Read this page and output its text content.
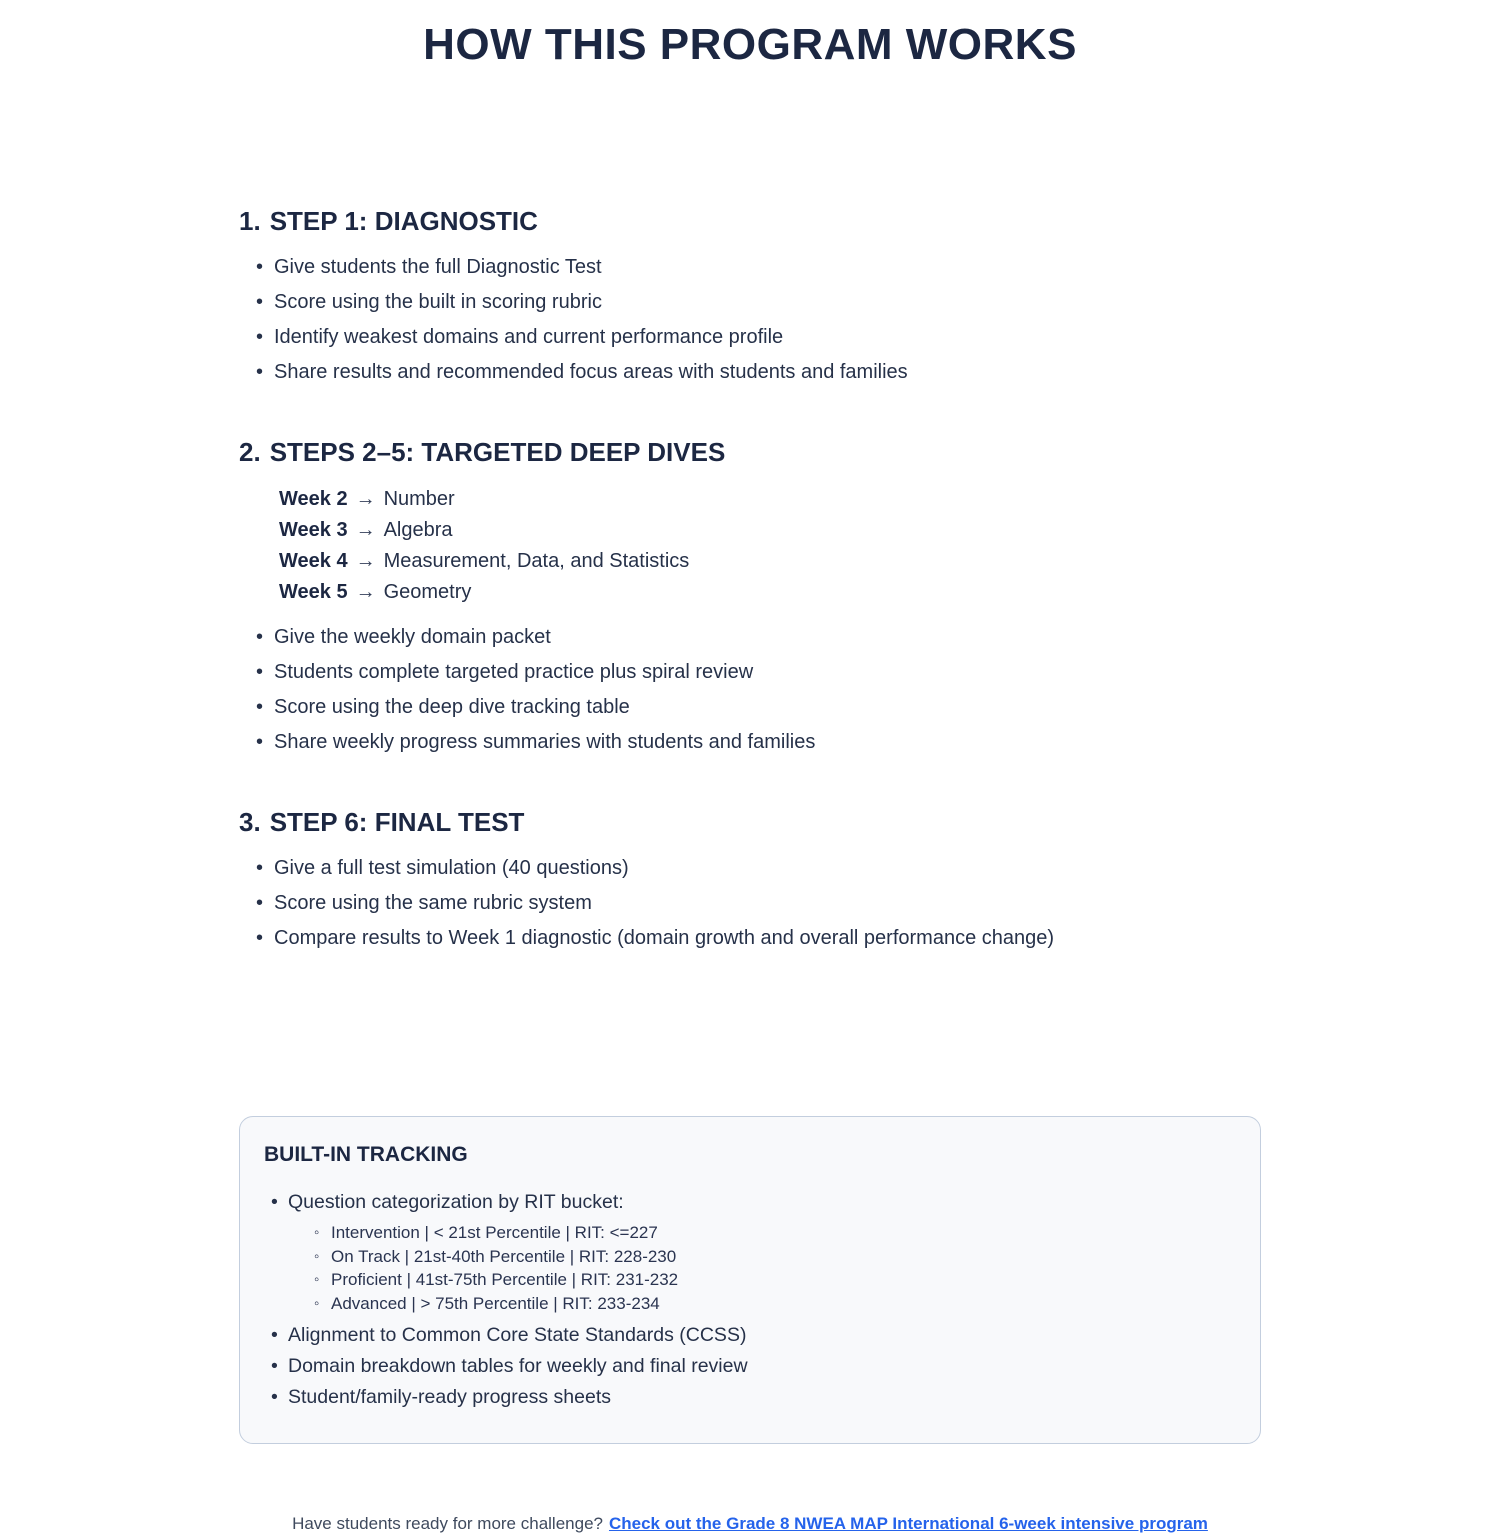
HOW THIS PROGRAM WORKS
1. STEP 1: DIAGNOSTIC
• Give students the full Diagnostic Test
• Score using the built in scoring rubric
• Identify weakest domains and current performance profile
• Share results and recommended focus areas with students and families
2. STEPS 2–5: TARGETED DEEP DIVES
Week 2 → Number
Week 3 → Algebra
Week 4 → Measurement, Data, and Statistics
Week 5 → Geometry
• Give the weekly domain packet
• Students complete targeted practice plus spiral review
• Score using the deep dive tracking table
• Share weekly progress summaries with students and families
3. STEP 6: FINAL TEST
• Give a full test simulation (40 questions)
• Score using the same rubric system
• Compare results to Week 1 diagnostic (domain growth and overall performance change)
BUILT-IN TRACKING
• Question categorization by RIT bucket:
◦ Intervention | < 21st Percentile | RIT: <=227
◦ On Track | 21st-40th Percentile | RIT: 228-230
◦ Proficient | 41st-75th Percentile | RIT: 231-232
◦ Advanced | > 75th Percentile | RIT: 233-234
• Alignment to Common Core State Standards (CCSS)
• Domain breakdown tables for weekly and final review
• Student/family-ready progress sheets
Have students ready for more challenge? Check out the Grade 8 NWEA MAP International 6-week intensive program
